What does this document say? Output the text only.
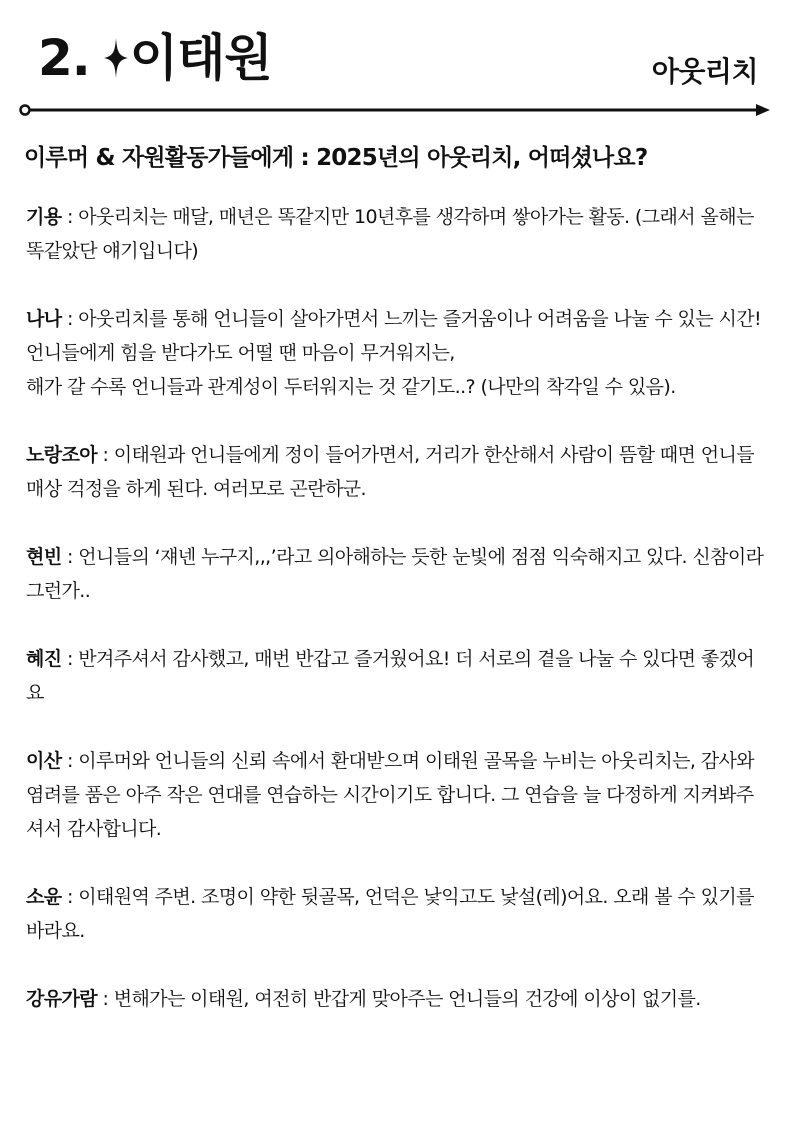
2. 이태원	아웃리치
이루머 & 자원활동가들에게 : 2025년의 아웃리치, 어떠셨나요?
기용 : 아웃리치는 매달, 매년은 똑같지만 10년후를 생각하며 쌓아가는 활동. (그래서 올해는 똑같았단 얘기입니다)
나나 : 아웃리치를 통해 언니들이 살아가면서 느끼는 즐거움이나 어려움을 나눌 수 있는 시간! 언니들에게 힘을 받다가도 어떨 땐 마음이 무거워지는,
해가 갈 수록 언니들과 관계성이 두터워지는 것 같기도..? (나만의 착각일 수 있음).
노랑조아 : 이태원과 언니들에게 정이 들어가면서, 거리가 한산해서 사람이 뜸할 때면 언니들 매상 걱정을 하게 된다. 여러모로 곤란하군.
현빈 : 언니들의 ‘쟤넨 누구지,,,’라고 의아해하는 듯한 눈빛에 점점 익숙해지고 있다. 신참이라 그런가..
혜진 : 반겨주셔서 감사했고, 매번 반갑고 즐거웠어요! 더 서로의 곁을 나눌 수 있다면 좋겠어요
이산 : 이루머와 언니들의 신뢰 속에서 환대받으며 이태원 골목을 누비는 아웃리치는, 감사와 염려를 품은 아주 작은 연대를 연습하는 시간이기도 합니다. 그 연습을 늘 다정하게 지켜봐주셔서 감사합니다.
소윤 : 이태원역 주변. 조명이 약한 뒷골목, 언덕은 낯익고도 낯설(레)어요. 오래 볼 수 있기를 바라요.
강유가람 : 변해가는 이태원, 여전히 반갑게 맞아주는 언니들의 건강에 이상이 없기를.
